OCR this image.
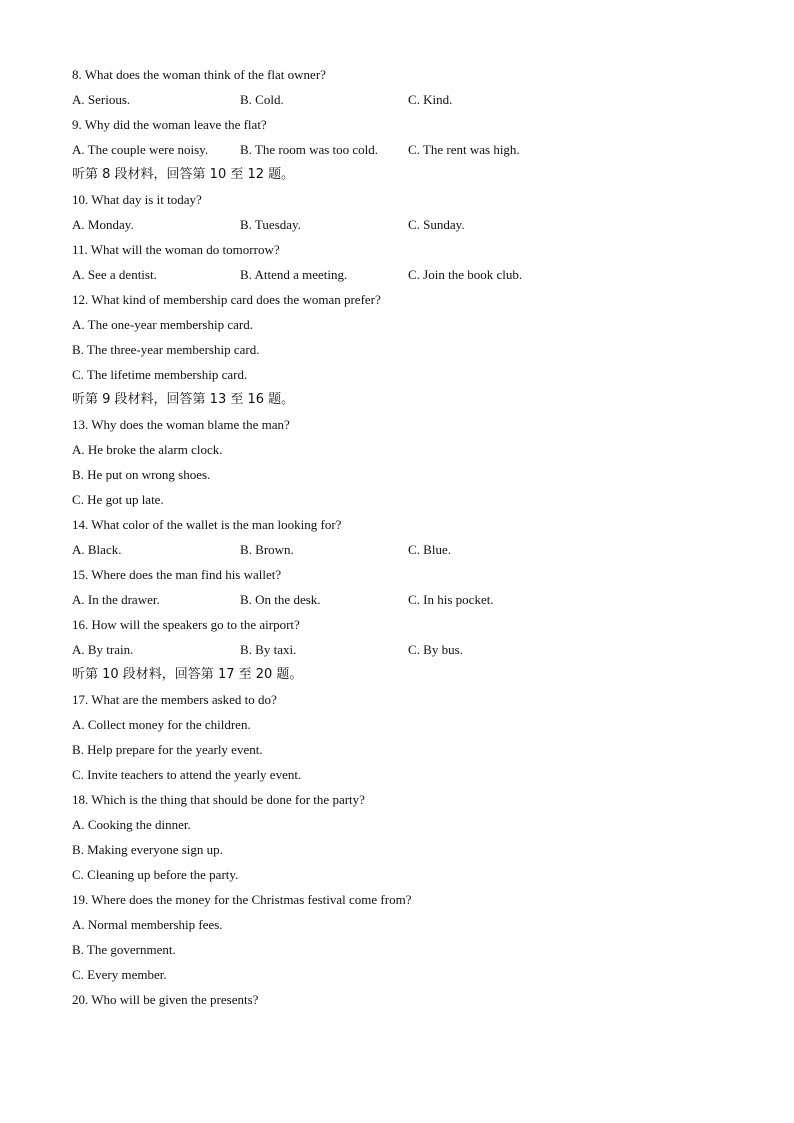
8. What does the woman think of the flat owner?
A. Serious.	B. Cold.	C. Kind.
9. Why did the woman leave the flat?
A. The couple were noisy. B. The room was too cold. C. The rent was high.
听第 8 段材料，回答第 10 至 12 题。
10. What day is it today?
A. Monday.	B. Tuesday.	C. Sunday.
11. What will the woman do tomorrow?
A. See a dentist.	B. Attend a meeting.	C. Join the book club.
12. What kind of membership card does the woman prefer?
A. The one-year membership card.
B. The three-year membership card.
C. The lifetime membership card.
听第 9 段材料，回答第 13 至 16 题。
13. Why does the woman blame the man?
A. He broke the alarm clock.
B. He put on wrong shoes.
C. He got up late.
14. What color of the wallet is the man looking for?
A. Black.	B. Brown.	C. Blue.
15. Where does the man find his wallet?
A. In the drawer.	B. On the desk.	C. In his pocket.
16. How will the speakers go to the airport?
A. By train.	B. By taxi.	C. By bus.
听第 10 段材料，回答第 17 至 20 题。
17. What are the members asked to do?
A. Collect money for the children.
B. Help prepare for the yearly event.
C. Invite teachers to attend the yearly event.
18. Which is the thing that should be done for the party?
A. Cooking the dinner.
B. Making everyone sign up.
C. Cleaning up before the party.
19. Where does the money for the Christmas festival come from?
A. Normal membership fees.
B. The government.
C. Every member.
20. Who will be given the presents?
